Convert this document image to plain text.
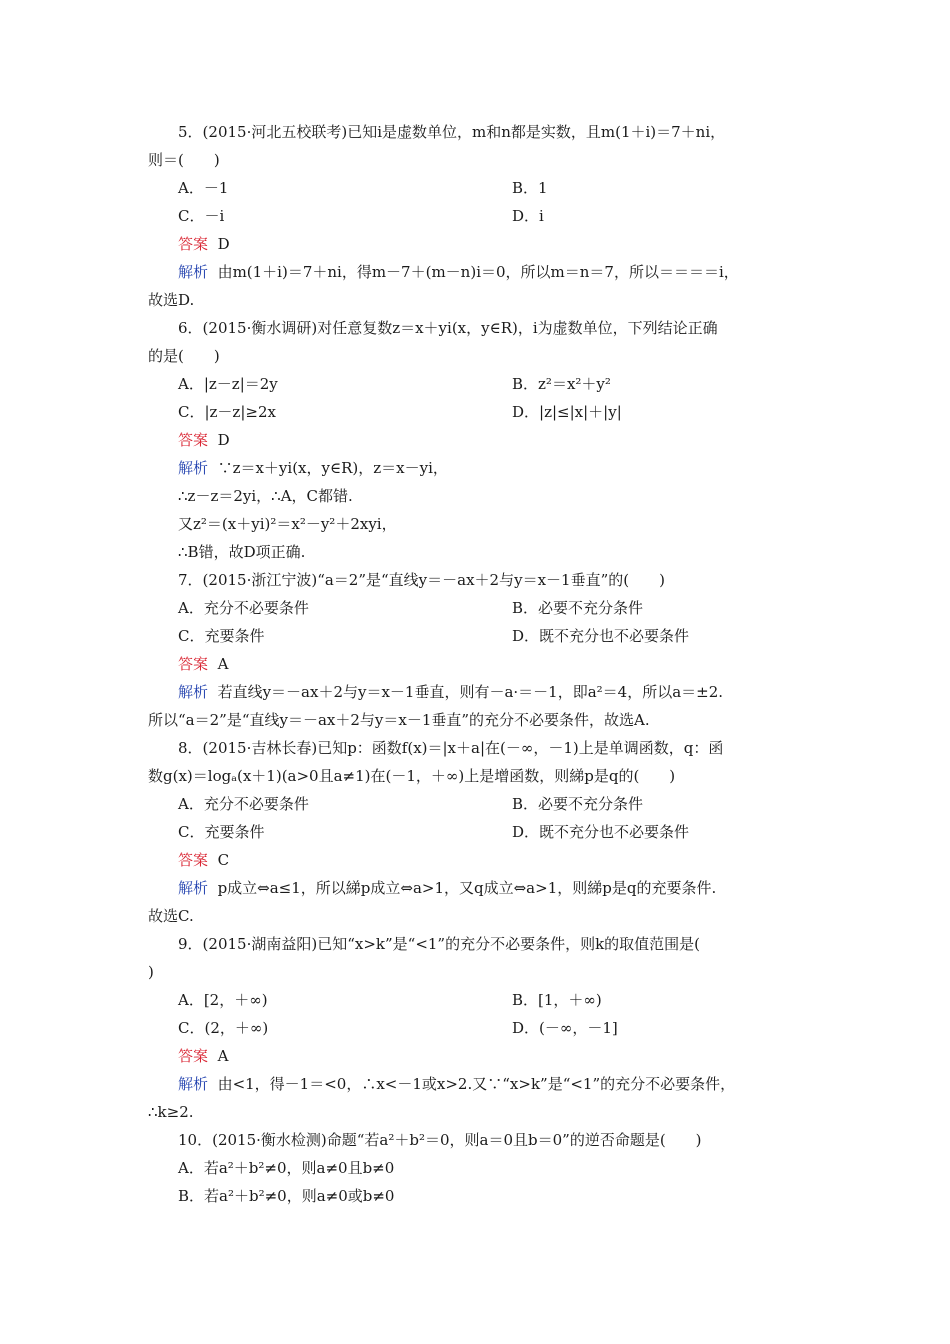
5．(2015·河北五校联考)已知i是虚数单位，m和n都是实数，且m(1＋i)＝7＋ni，
则＝(　　)
A．－1	B．1
C．－i	D．i
答案 D
解析 由m(1＋i)＝7＋ni，得m－7＋(m－n)i＝0，所以m＝n＝7，所以＝＝＝＝i，
故选D.
6．(2015·衡水调研)对任意复数z＝x＋yi(x，y∈R)，i为虚数单位，下列结论正确
的是(　　)
A．|z－z|＝2y	B．z²＝x²＋y²
C．|z－z|≥2x	D．|z|≤|x|＋|y|
答案 D
解析 ∵z＝x＋yi(x，y∈R)，z＝x－yi，
∴z－z＝2yi，∴A，C都错.
又z²＝(x＋yi)²＝x²－y²＋2xyi，
∴B错，故D项正确.
7．(2015·浙江宁波)“a＝2”是“直线y＝－ax＋2与y＝x－1垂直”的(　　)
A．充分不必要条件	B．必要不充分条件
C．充要条件	D．既不充分也不必要条件
答案 A
解析 若直线y＝－ax＋2与y＝x－1垂直，则有－a·＝－1，即a²＝4，所以a＝±2.
所以“a＝2”是“直线y＝－ax＋2与y＝x－1垂直”的充分不必要条件，故选A.
8．(2015·吉林长春)已知p：函数f(x)＝|x＋a|在(－∞，－1)上是单调函数，q：函
数g(x)＝logₐ(x＋1)(a>0且a≠1)在(－1，＋∞)上是增函数，则綈p是q的(　　)
A．充分不必要条件	B．必要不充分条件
C．充要条件	D．既不充分也不必要条件
答案 C
解析 p成立⇔a≤1，所以綈p成立⇔a>1，又q成立⇔a>1，则綈p是q的充要条件.
故选C.
9．(2015·湖南益阳)已知“x>k”是“<1”的充分不必要条件，则k的取值范围是(
)
A．[2，＋∞)	B．[1，＋∞)
C．(2，＋∞)	D．(－∞，－1]
答案 A
解析 由<1，得－1＝<0，∴x<－1或x>2.又∵“x>k”是“<1”的充分不必要条件，
∴k≥2.
10．(2015·衡水检测)命题“若a²＋b²＝0，则a＝0且b＝0”的逆否命题是(　　)
A．若a²＋b²≠0，则a≠0且b≠0
B．若a²＋b²≠0，则a≠0或b≠0
